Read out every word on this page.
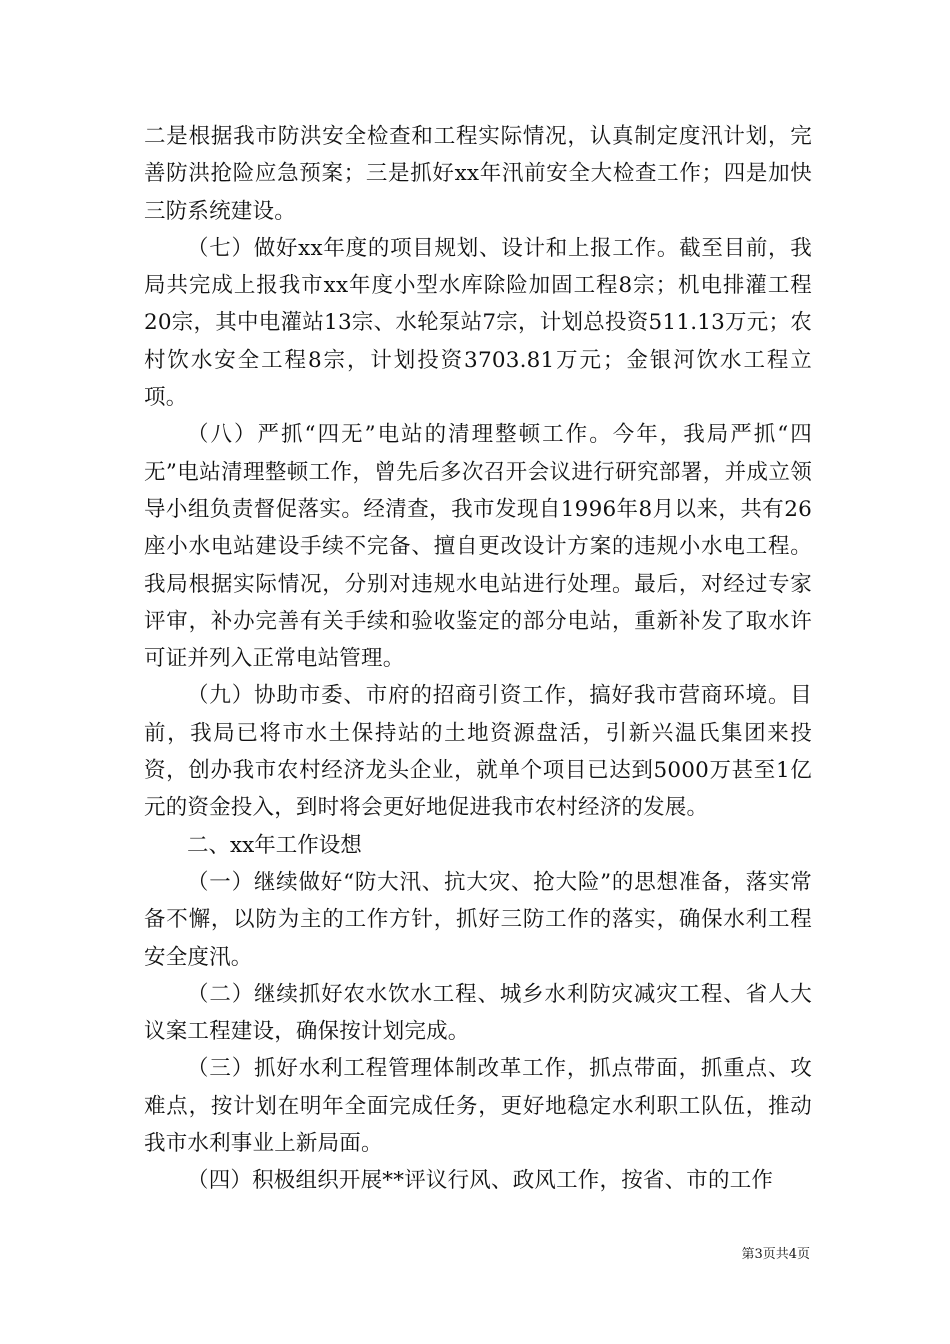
二是根据我市防洪安全检查和工程实际情况，认真制定度汛计划，完善防洪抢险应急预案；三是抓好xx年汛前安全大检查工作；四是加快三防系统建设。

（七）做好xx年度的项目规划、设计和上报工作。截至目前，我局共完成上报我市xx年度小型水库除险加固工程8宗；机电排灌工程20宗，其中电灌站13宗、水轮泵站7宗，计划总投资511.13万元；农村饮水安全工程8宗，计划投资3703.81万元；金银河饮水工程立项。

（八）严抓“四无”电站的清理整顿工作。今年，我局严抓“四无”电站清理整顿工作，曾先后多次召开会议进行研究部署，并成立领导小组负责督促落实。经清查，我市发现自1996年8月以来，共有26座小水电站建设手续不完备、擅自更改设计方案的违规小水电工程。我局根据实际情况，分别对违规水电站进行处理。最后，对经过专家评审，补办完善有关手续和验收鉴定的部分电站，重新补发了取水许可证并列入正常电站管理。

（九）协助市委、市府的招商引资工作，搞好我市营商环境。目前，我局已将市水土保持站的土地资源盘活，引新兴温氏集团来投资，创办我市农村经济龙头企业，就单个项目已达到5000万甚至1亿元的资金投入，到时将会更好地促进我市农村经济的发展。

二、xx年工作设想

（一）继续做好“防大汛、抗大灾、抢大险”的思想准备，落实常备不懈，以防为主的工作方针，抓好三防工作的落实，确保水利工程安全度汛。

（二）继续抓好农水饮水工程、城乡水利防灾减灾工程、省人大议案工程建设，确保按计划完成。

（三）抓好水利工程管理体制改革工作，抓点带面，抓重点、攻难点，按计划在明年全面完成任务，更好地稳定水利职工队伍，推动我市水利事业上新局面。

（四）积极组织开展**评议行风、政风工作，按省、市的工作

第3页共4页
